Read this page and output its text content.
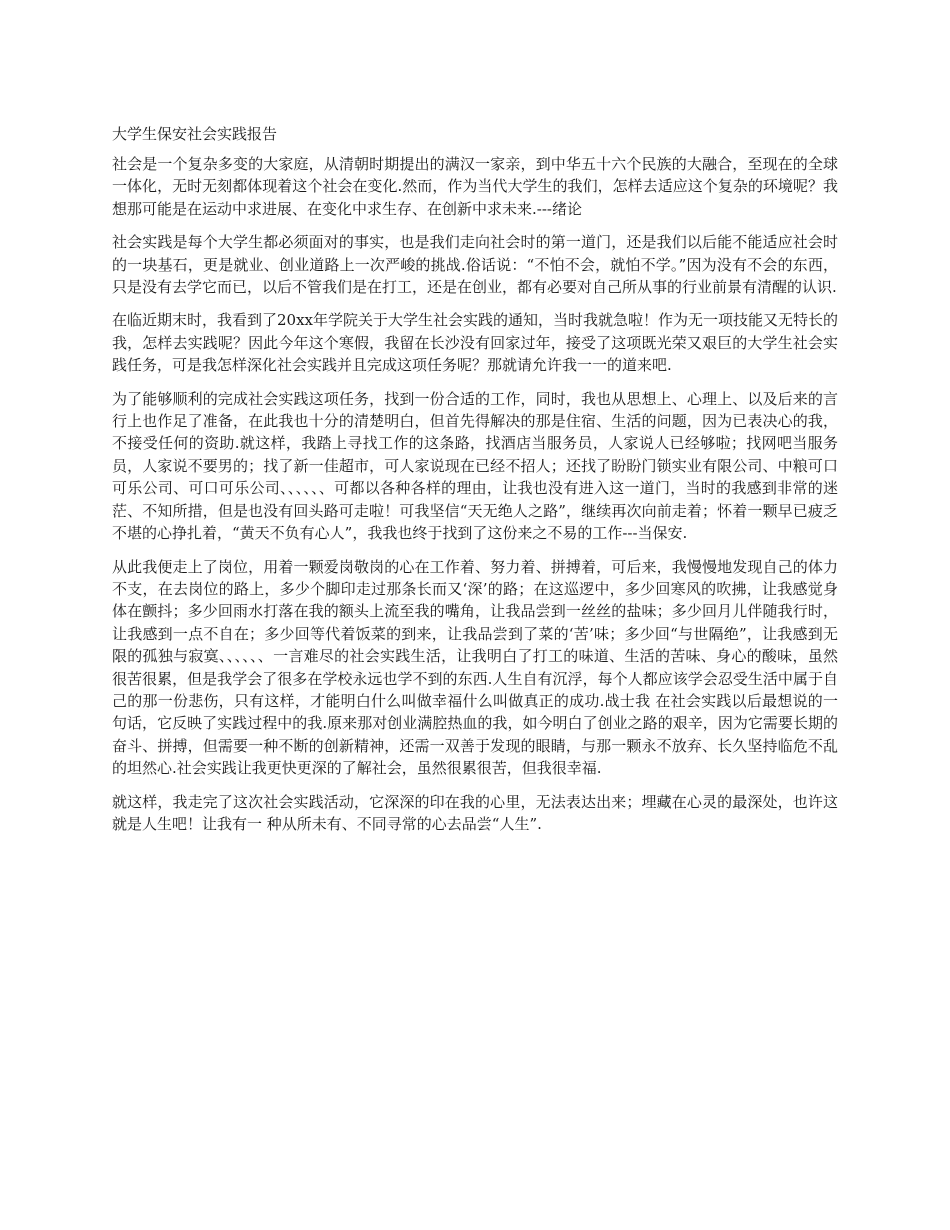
大学生保安社会实践报告

社会是一个复杂多变的大家庭，从清朝时期提出的满汉一家亲，到中华五十六个民族的大融合，至现在的全球一体化，无时无刻都体现着这个社会在变化.然而，作为当代大学生的我们，怎样去适应这个复杂的环境呢？我想那可能是在运动中求进展、在变化中求生存、在创新中求未来.---绪论

社会实践是每个大学生都必须面对的事实，也是我们走向社会时的第一道门，还是我们以后能不能适应社会时的一块基石，更是就业、创业道路上一次严峻的挑战.俗话说：“不怕不会，就怕不学。”因为没有不会的东西，只是没有去学它而已，以后不管我们是在打工，还是在创业，都有必要对自己所从事的行业前景有清醒的认识.

在临近期末时，我看到了20xx年学院关于大学生社会实践的通知，当时我就急啦！作为无一项技能又无特长的我，怎样去实践呢？因此今年这个寒假，我留在长沙没有回家过年，接受了这项既光荣又艰巨的大学生社会实践任务，可是我怎样深化社会实践并且完成这项任务呢？那就请允许我一一的道来吧.

为了能够顺利的完成社会实践这项任务，找到一份合适的工作，同时，我也从思想上、心理上、以及后来的言行上也作足了准备，在此我也十分的清楚明白，但首先得解决的那是住宿、生活的问题，因为已表决心的我，不接受任何的资助.就这样，我踏上寻找工作的这条路，找酒店当服务员，人家说人已经够啦；找网吧当服务员，人家说不要男的；找了新一佳超市，可人家说现在已经不招人；还找了盼盼门锁实业有限公司、中粮可口可乐公司、可口可乐公司、、、、、、可都以各种各样的理由，让我也没有进入这一道门，当时的我感到非常的迷茫、不知所措，但是也没有回头路可走啦！可我坚信“天无绝人之路”，继续再次向前走着；怀着一颗早已疲乏不堪的心挣扎着，“黄天不负有心人”，我我也终于找到了这份来之不易的工作---当保安.

从此我便走上了岗位，用着一颗爱岗敬岗的心在工作着、努力着、拼搏着，可后来，我慢慢地发现自己的体力不支，在去岗位的路上，多少个脚印走过那条长而又‘深’的路；在这巡逻中，多少回寒风的吹拂，让我感觉身体在颤抖；多少回雨水打落在我的额头上流至我的嘴角，让我品尝到一丝丝的盐味；多少回月儿伴随我行时，让我感到一点不自在；多少回等代着饭菜的到来，让我品尝到了菜的‘苦’味；多少回“与世隔绝”，让我感到无限的孤独与寂寞、、、、、、一言难尽的社会实践生活，让我明白了打工的味道、生活的苦味、身心的酸味，虽然很苦很累，但是我学会了很多在学校永远也学不到的东西.人生自有沉浮，每个人都应该学会忍受生活中属于自己的那一份悲伤，只有这样，才能明白什么叫做幸福什么叫做真正的成功.战士我 在社会实践以后最想说的一句话，它反映了实践过程中的我.原来那对创业满腔热血的我，如今明白了创业之路的艰辛，因为它需要长期的奋斗、拼搏，但需要一种不断的创新精神，还需一双善于发现的眼睛，与那一颗永不放弃、长久坚持临危不乱的坦然心.社会实践让我更快更深的了解社会，虽然很累很苦，但我很幸福.

就这样，我走完了这次社会实践活动，它深深的印在我的心里，无法表达出来；埋藏在心灵的最深处，也许这就是人生吧！让我有一 种从所未有、不同寻常的心去品尝“人生”.
